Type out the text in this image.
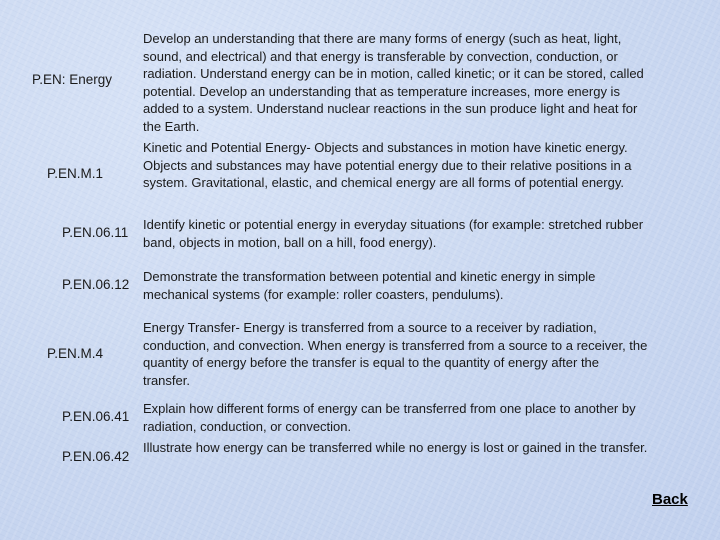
P.EN: Energy
Develop an understanding that there are many forms of energy (such as heat, light, sound, and electrical) and that energy is transferable by convection, conduction, or radiation. Understand energy can be in motion, called kinetic; or it can be stored, called potential. Develop an understanding that as temperature increases, more energy is added to a system. Understand nuclear reactions in the sun produce light and heat for the Earth.
P.EN.M.1
Kinetic and Potential Energy- Objects and substances in motion have kinetic energy. Objects and substances may have potential energy due to their relative positions in a system. Gravitational, elastic, and chemical energy are all forms of potential energy.
P.EN.06.11
Identify kinetic or potential energy in everyday situations (for example: stretched rubber band, objects in motion, ball on a hill, food energy).
P.EN.06.12
Demonstrate the transformation between potential and kinetic energy in simple mechanical systems (for example: roller coasters, pendulums).
P.EN.M.4
Energy Transfer- Energy is transferred from a source to a receiver by radiation, conduction, and convection. When energy is transferred from a source to a receiver, the quantity of energy before the transfer is equal to the quantity of energy after the transfer.
P.EN.06.41
Explain how different forms of energy can be transferred from one place to another by radiation, conduction, or convection.
P.EN.06.42
Illustrate how energy can be transferred while no energy is lost or gained in the transfer.
Back
